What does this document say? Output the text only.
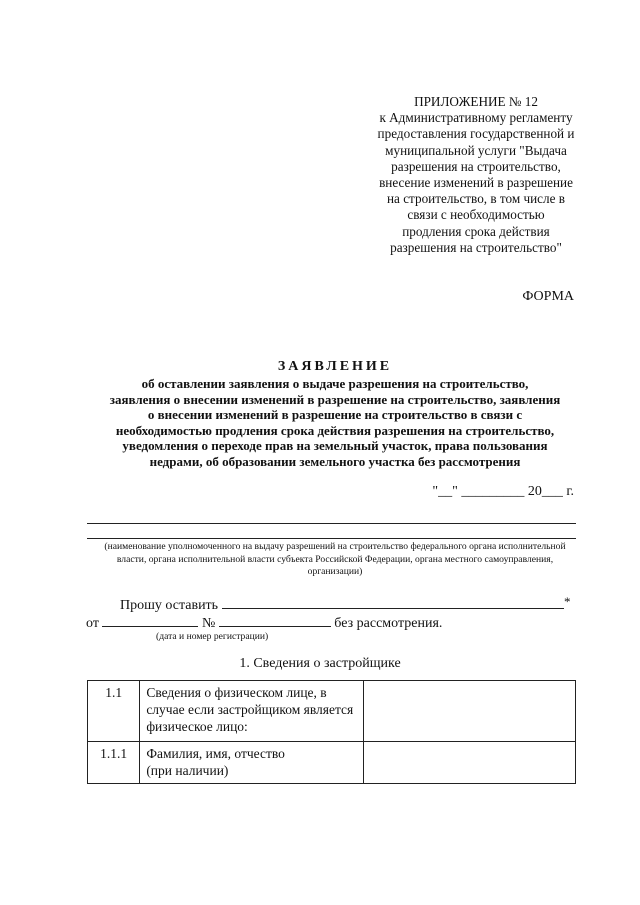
ПРИЛОЖЕНИЕ № 12
к Административному регламенту
предоставления государственной и
муниципальной услуги "Выдача
разрешения на строительство,
внесение изменений в разрешение
на строительство, в том числе в
связи с необходимостью
продления срока действия
разрешения на строительство"
ФОРМА
ЗАЯВЛЕНИЕ
об оставлении заявления о выдаче разрешения на строительство,
заявления о внесении изменений в разрешение на строительство, заявления
о внесении изменений в разрешение на строительство в связи с
необходимостью продления срока действия разрешения на строительство,
уведомления о переходе прав на земельный участок, права пользования
недрами, об образовании земельного участка без рассмотрения
"__" _________ 20___ г.
(наименование уполномоченного на выдачу разрешений на строительство федерального органа исполнительной
власти, органа исполнительной власти субъекта Российской Федерации, органа местного самоуправления,
организации)
Прошу оставить	*
от	№	без рассмотрения.
(дата и номер регистрации)
1. Сведения о застройщике
1.1	Сведения о физическом лице, в
случае если застройщиком является
физическое лицо:	

1.1.1	Фамилия, имя, отчество
(при наличии)	
